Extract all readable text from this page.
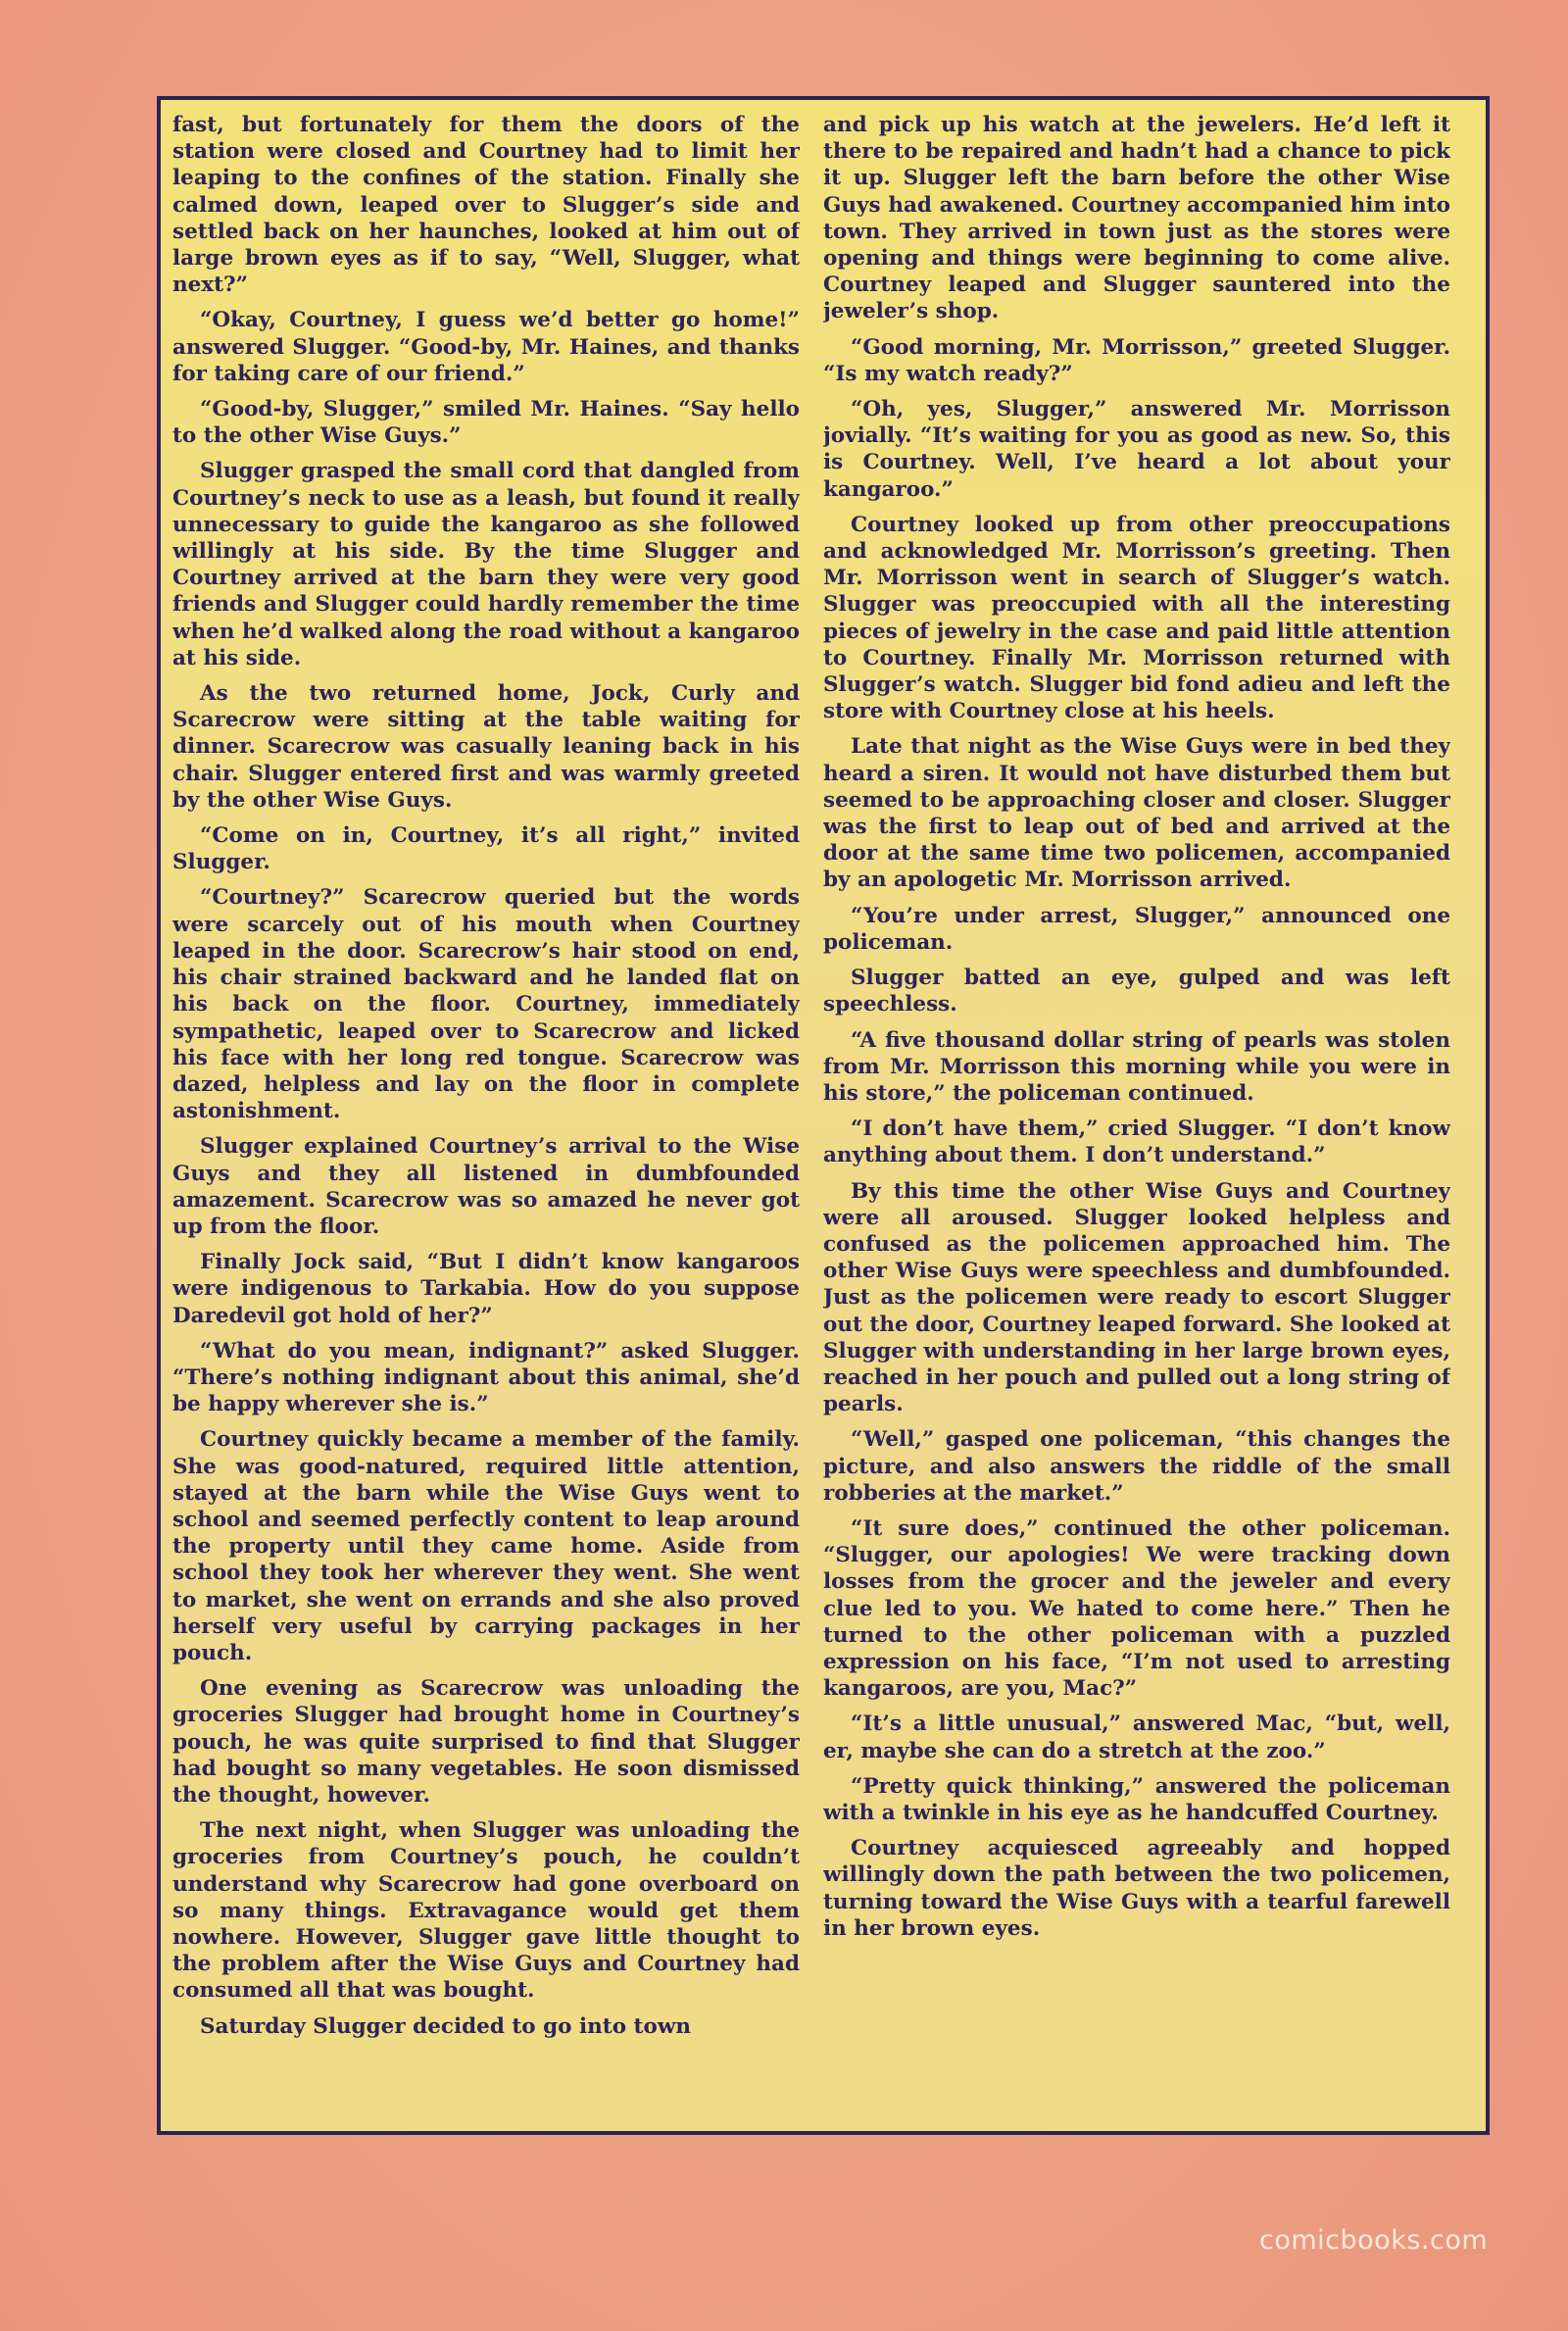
fast, but fortunately for them the doors of the station were closed and Courtney had to limit her leaping to the confines of the station. Finally she calmed down, leaped over to Slugger’s side and settled back on her haunches, looked at him out of large brown eyes as if to say, “Well, Slugger, what next?”

“Okay, Courtney, I guess we’d better go home!” answered Slugger. “Good-by, Mr. Haines, and thanks for taking care of our friend.”

“Good-by, Slugger,” smiled Mr. Haines. “Say hello to the other Wise Guys.”

Slugger grasped the small cord that dangled from Courtney’s neck to use as a leash, but found it really unnecessary to guide the kangaroo as she followed willingly at his side. By the time Slugger and Courtney arrived at the barn they were very good friends and Slugger could hardly remember the time when he’d walked along the road without a kangaroo at his side.

As the two returned home, Jock, Curly and Scarecrow were sitting at the table waiting for dinner. Scarecrow was casually leaning back in his chair. Slugger entered first and was warmly greeted by the other Wise Guys.

“Come on in, Courtney, it’s all right,” invited Slugger.

“Courtney?” Scarecrow queried but the words were scarcely out of his mouth when Courtney leaped in the door. Scarecrow’s hair stood on end, his chair strained backward and he landed flat on his back on the floor. Courtney, immediately sympathetic, leaped over to Scarecrow and licked his face with her long red tongue. Scarecrow was dazed, helpless and lay on the floor in complete astonishment.

Slugger explained Courtney’s arrival to the Wise Guys and they all listened in dumbfounded amazement. Scarecrow was so amazed he never got up from the floor.

Finally Jock said, “But I didn’t know kangaroos were indigenous to Tarkabia. How do you suppose Daredevil got hold of her?”

“What do you mean, indignant?” asked Slugger. “There’s nothing indignant about this animal, she’d be happy wherever she is.”

Courtney quickly became a member of the family. She was good-natured, required little attention, stayed at the barn while the Wise Guys went to school and seemed perfectly content to leap around the property until they came home. Aside from school they took her wherever they went. She went to market, she went on errands and she also proved herself very useful by carrying packages in her pouch.

One evening as Scarecrow was unloading the groceries Slugger had brought home in Courtney’s pouch, he was quite surprised to find that Slugger had bought so many vegetables. He soon dismissed the thought, however.

The next night, when Slugger was unloading the groceries from Courtney’s pouch, he couldn’t understand why Scarecrow had gone overboard on so many things. Extravagance would get them nowhere. However, Slugger gave little thought to the problem after the Wise Guys and Courtney had consumed all that was bought.

Saturday Slugger decided to go into town

and pick up his watch at the jewelers. He’d left it there to be repaired and hadn’t had a chance to pick it up. Slugger left the barn before the other Wise Guys had awakened. Courtney accompanied him into town. They arrived in town just as the stores were opening and things were beginning to come alive. Courtney leaped and Slugger sauntered into the jeweler’s shop.

“Good morning, Mr. Morrisson,” greeted Slugger. “Is my watch ready?”

“Oh, yes, Slugger,” answered Mr. Morrisson jovially. “It’s waiting for you as good as new. So, this is Courtney. Well, I’ve heard a lot about your kangaroo.”

Courtney looked up from other preoccupations and acknowledged Mr. Morrisson’s greeting. Then Mr. Morrisson went in search of Slugger’s watch. Slugger was preoccupied with all the interesting pieces of jewelry in the case and paid little attention to Courtney. Finally Mr. Morrisson returned with Slugger’s watch. Slugger bid fond adieu and left the store with Courtney close at his heels.

Late that night as the Wise Guys were in bed they heard a siren. It would not have disturbed them but seemed to be approaching closer and closer. Slugger was the first to leap out of bed and arrived at the door at the same time two policemen, accompanied by an apologetic Mr. Morrisson arrived.

“You’re under arrest, Slugger,” announced one policeman.

Slugger batted an eye, gulped and was left speechless.

“A five thousand dollar string of pearls was stolen from Mr. Morrisson this morning while you were in his store,” the policeman continued.

“I don’t have them,” cried Slugger. “I don’t know anything about them. I don’t understand.”

By this time the other Wise Guys and Courtney were all aroused. Slugger looked helpless and confused as the policemen approached him. The other Wise Guys were speechless and dumbfounded. Just as the policemen were ready to escort Slugger out the door, Courtney leaped forward. She looked at Slugger with understanding in her large brown eyes, reached in her pouch and pulled out a long string of pearls.

“Well,” gasped one policeman, “this changes the picture, and also answers the riddle of the small robberies at the market.”

“It sure does,” continued the other policeman. “Slugger, our apologies! We were tracking down losses from the grocer and the jeweler and every clue led to you. We hated to come here.” Then he turned to the other policeman with a puzzled expression on his face, “I’m not used to arresting kangaroos, are you, Mac?”

“It’s a little unusual,” answered Mac, “but, well, er, maybe she can do a stretch at the zoo.”

“Pretty quick thinking,” answered the policeman with a twinkle in his eye as he handcuffed Courtney.

Courtney acquiesced agreeably and hopped willingly down the path between the two policemen, turning toward the Wise Guys with a tearful farewell in her brown eyes.

comicbooks.com
